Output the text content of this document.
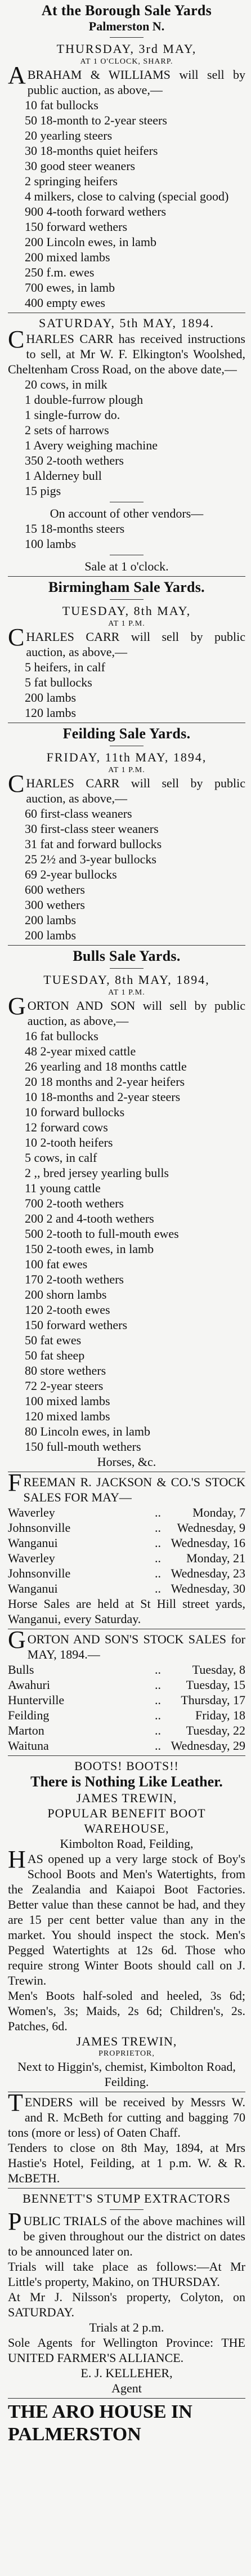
At the Borough Sale Yards
Palmerston N.
THURSDAY, 3rd MAY,
AT 1 O'CLOCK, SHARP.
ABRAHAM & WILLIAMS will sell by public auction, as above,—
10 fat bullocks
50 18-month to 2-year steers
20 yearling steers
30 18-months quiet heifers
30 good steer weaners
2 springing heifers
4 milkers, close to calving (special good)
900 4-tooth forward wethers
150 forward wethers
200 Lincoln ewes, in lamb
200 mixed lambs
250 f.m. ewes
700 ewes, in lamb
400 empty ewes
SATURDAY, 5th MAY, 1894.
CHARLES CARR has received instructions to sell, at Mr W. F. Elkington's Woolshed, Cheltenham Cross Road, on the above date,—
20 cows, in milk
1 double-furrow plough
1 single-furrow do.
2 sets of harrows
1 Avery weighing machine
350 2-tooth wethers
1 Alderney bull
15 pigs
On account of other vendors—
15 18-months steers
100 lambs
Sale at 1 o'clock.
Birmingham Sale Yards.
TUESDAY, 8th MAY,
AT 1 P.M.
CHARLES CARR will sell by public auction, as above,—
5 heifers, in calf
5 fat bullocks
200 lambs
120 lambs
Feilding Sale Yards.
FRIDAY, 11th MAY, 1894,
AT 1 P.M.
CHARLES CARR will sell by public auction, as above,—
60 first-class weaners
30 first-class steer weaners
31 fat and forward bullocks
25 2½ and 3-year bullocks
69 2-year bullocks
600 wethers
300 wethers
200 lambs
200 lambs
Bulls Sale Yards.
TUESDAY, 8th MAY, 1894,
AT 1 P.M.
GORTON AND SON will sell by public auction, as above,—
16 fat bullocks
48 2-year mixed cattle
26 yearling and 18 months cattle
20 18 months and 2-year heifers
10 18-months and 2-year steers
10 forward bullocks
12 forward cows
10 2-tooth heifers
5 cows, in calf
2 ,, bred jersey yearling bulls
11 young cattle
700 2-tooth wethers
200 2 and 4-tooth wethers
500 2-tooth to full-mouth ewes
150 2-tooth ewes, in lamb
100 fat ewes
170 2-tooth wethers
200 shorn lambs
120 2-tooth ewes
150 forward wethers
50 fat ewes
50 fat sheep
80 store wethers
72 2-year steers
100 mixed lambs
120 mixed lambs
80 Lincoln ewes, in lamb
150 full-mouth wethers
Horses, &c.
FREEMAN R. JACKSON & CO.'S STOCK SALES FOR MAY—
Waverley	..	Monday, 7
Johnsonville	..	Wednesday, 9
Wanganui	.. Wednesday, 16
Waverley	..	Monday, 21
Johnsonville	.. Wednesday, 23
Wanganui	.. Wednesday, 30
Horse Sales are held at St Hill street yards, Wanganui, every Saturday.
GORTON AND SON'S STOCK SALES for MAY, 1894.—
Bulls	..	Tuesday, 8
Awahuri	..	Tuesday, 15
Hunterville	..	Thursday, 17
Feilding	..	Friday, 18
Marton	..	Tuesday, 22
Waituna	.. Wednesday, 29
BOOTS! BOOTS!!
There is Nothing Like Leather.
JAMES TREWIN,
POPULAR BENEFIT BOOT WAREHOUSE,
Kimbolton Road, Feilding,
HAS opened up a very large stock of Boy's School Boots and Men's Watertights, from the Zealandia and Kaiapoi Boot Factories. Better value than these cannot be had, and they are 15 per cent better value than any in the market. You should inspect the stock. Men's Pegged Watertights at 12s 6d. Those who require strong Winter Boots should call on J. Trewin.
Men's Boots half-soled and heeled, 3s 6d; Women's, 3s; Maids, 2s 6d; Children's, 2s. Patches, 6d.
JAMES TREWIN,
PROPRIETOR,
Next to Higgin's, chemist, Kimbolton Road, Feilding.
TENDERS will be received by Messrs W. and R. McBeth for cutting and bagging 70 tons (more or less) of Oaten Chaff.
Tenders to close on 8th May, 1894, at Mrs Hastie's Hotel, Feilding, at 1 p.m. W. & R. McBETH.
BENNETT'S STUMP EXTRACTORS
PUBLIC TRIALS of the above machines will be given throughout our the district on dates to be announced later on.
Trials will take place as follows:—At Mr Little's property, Makino, on THURSDAY.
At Mr J. Nilsson's property, Colyton, on SATURDAY.
Trials at 2 p.m.
Sole Agents for Wellington Province: THE UNITED FARMER'S ALLIANCE.
E. J. KELLEHER,
Agent
THE ARO HOUSE IN PALMERSTON
